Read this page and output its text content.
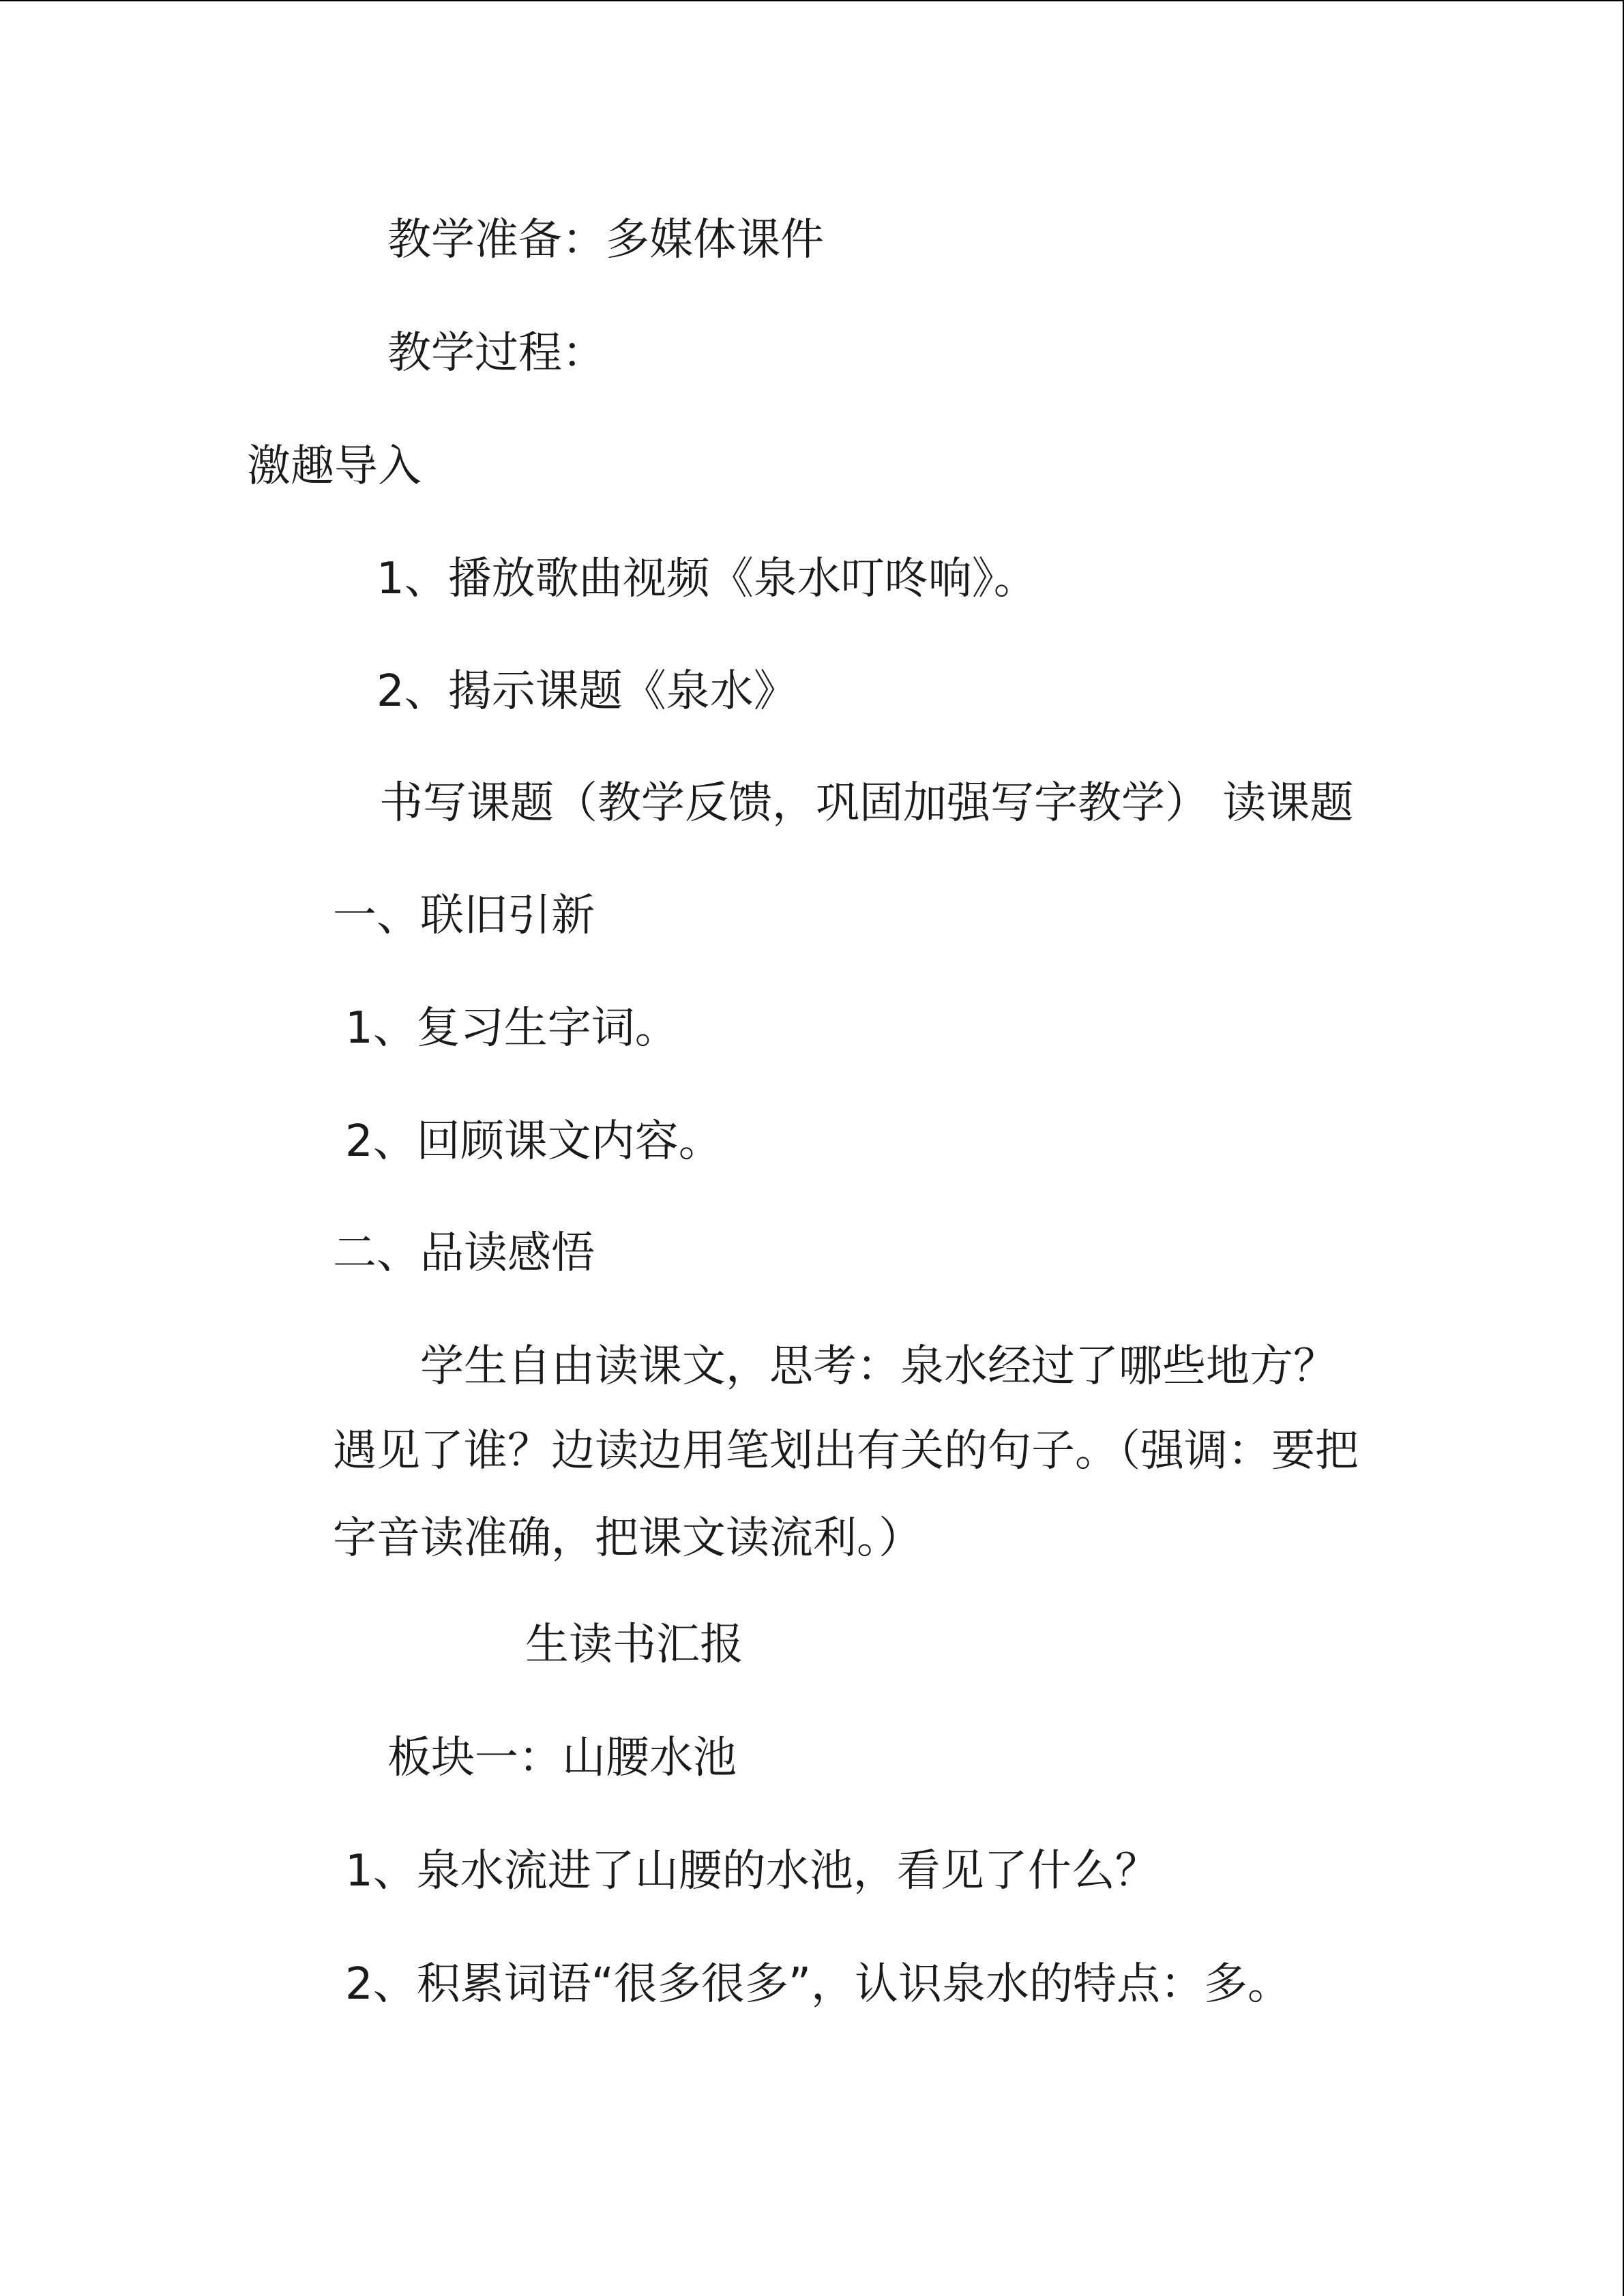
教学准备：多媒体课件
教学过程：
激趣导入
1、播放歌曲视频《泉水叮咚响》。
2、揭示课题《泉水》
书写课题（教学反馈，巩固加强写字教学） 读课题
一、联旧引新
1、复习生字词。
2、回顾课文内容。
二、品读感悟
学生自由读课文，思考：泉水经过了哪些地方？
遇见了谁？边读边用笔划出有关的句子。（强调：要把
字音读准确，把课文读流利。）
生读书汇报
板块一：山腰水池
1、泉水流进了山腰的水池，看见了什么？
2、积累词语“很多很多”，认识泉水的特点：多。
